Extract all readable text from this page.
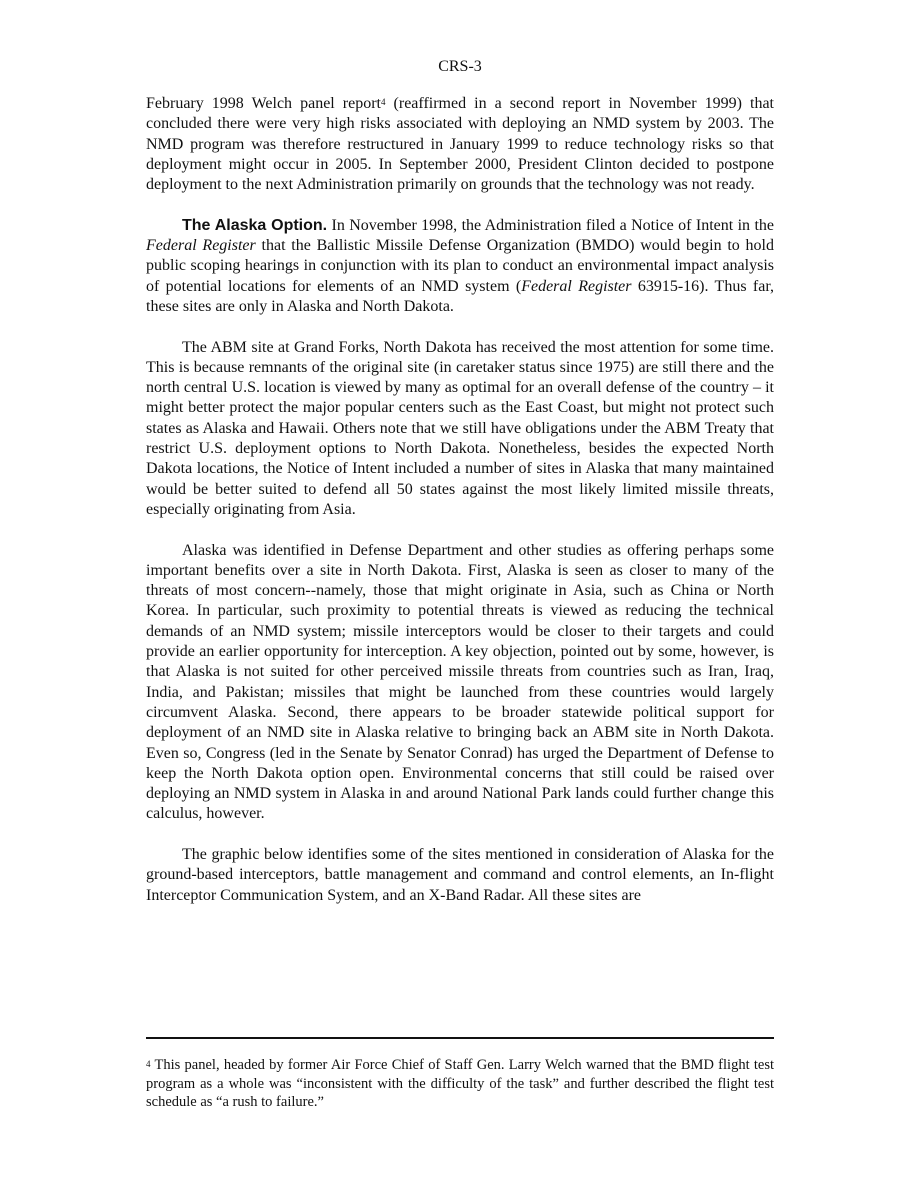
CRS-3

February 1998 Welch panel report$^4$ (reaffirmed in a second report in November 1999) that concluded there were very high risks associated with deploying an NMD system by 2003. The NMD program was therefore restructured in January 1999 to reduce technology risks so that deployment might occur in 2005. In September 2000, President Clinton decided to postpone deployment to the next Administration primarily on grounds that the technology was not ready.

The Alaska Option. In November 1998, the Administration filed a Notice of Intent in the Federal Register that the Ballistic Missile Defense Organization (BMDO) would begin to hold public scoping hearings in conjunction with its plan to conduct an environmental impact analysis of potential locations for elements of an NMD system (Federal Register 63915-16). Thus far, these sites are only in Alaska and North Dakota.

The ABM site at Grand Forks, North Dakota has received the most attention for some time. This is because remnants of the original site (in caretaker status since 1975) are still there and the north central U.S. location is viewed by many as optimal for an overall defense of the country – it might better protect the major popular centers such as the East Coast, but might not protect such states as Alaska and Hawaii. Others note that we still have obligations under the ABM Treaty that restrict U.S. deployment options to North Dakota. Nonetheless, besides the expected North Dakota locations, the Notice of Intent included a number of sites in Alaska that many maintained would be better suited to defend all 50 states against the most likely limited missile threats, especially originating from Asia.

Alaska was identified in Defense Department and other studies as offering perhaps some important benefits over a site in North Dakota. First, Alaska is seen as closer to many of the threats of most concern--namely, those that might originate in Asia, such as China or North Korea. In particular, such proximity to potential threats is viewed as reducing the technical demands of an NMD system; missile interceptors would be closer to their targets and could provide an earlier opportunity for interception. A key objection, pointed out by some, however, is that Alaska is not suited for other perceived missile threats from countries such as Iran, Iraq, India, and Pakistan; missiles that might be launched from these countries would largely circumvent Alaska. Second, there appears to be broader statewide political support for deployment of an NMD site in Alaska relative to bringing back an ABM site in North Dakota. Even so, Congress (led in the Senate by Senator Conrad) has urged the Department of Defense to keep the North Dakota option open. Environmental concerns that still could be raised over deploying an NMD system in Alaska in and around National Park lands could further change this calculus, however.

The graphic below identifies some of the sites mentioned in consideration of Alaska for the ground-based interceptors, battle management and command and control elements, an In-flight Interceptor Communication System, and an X-Band Radar. All these sites are

$^4$ This panel, headed by former Air Force Chief of Staff Gen. Larry Welch warned that the BMD flight test program as a whole was “inconsistent with the difficulty of the task” and further described the flight test schedule as “a rush to failure.”
